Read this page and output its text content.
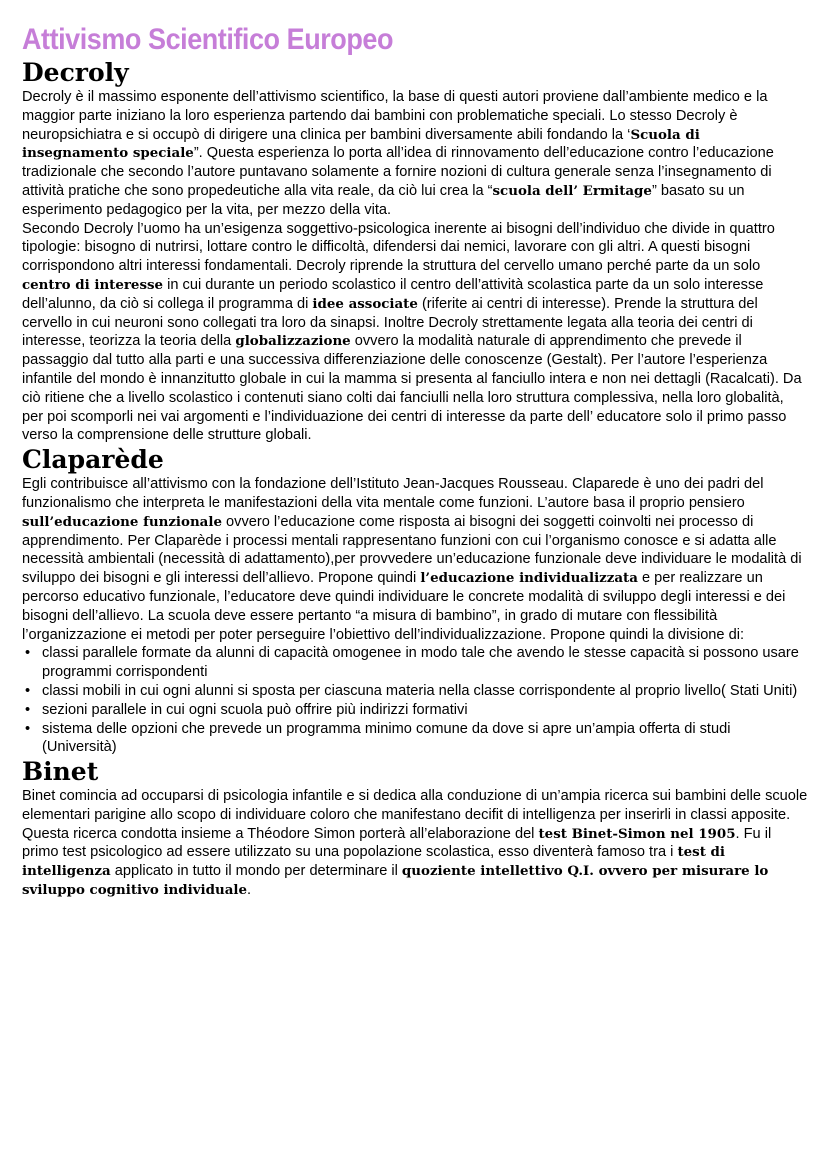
Attivismo Scientifico Europeo
Decroly

Decroly è il massimo esponente dell’attivismo scientifico, la base di questi autori proviene dall’ambiente medico e la maggior parte iniziano la loro esperienza partendo dai bambini con problematiche speciali. Lo stesso Decroly è neuropsichiatra e si occupò di dirigere una clinica per bambini diversamente abili fondando la ‘Scuola di insegnamento speciale”. Questa esperienza lo porta all’idea di rinnovamento dell’educazione contro l’educazione tradizionale che secondo l’autore puntavano solamente a fornire nozioni di cultura generale senza l’insegnamento di attività pratiche che sono propedeutiche alla vita reale, da ciò lui crea la “scuola dell’ Ermitage” basato su un esperimento pedagogico per la vita, per mezzo della vita.

Secondo Decroly l’uomo ha un’esigenza soggettivo-psicologica inerente ai bisogni dell’individuo che divide in quattro tipologie: bisogno di nutrirsi, lottare contro le difficoltà, difendersi dai nemici, lavorare con gli altri. A questi bisogni corrispondono altri interessi fondamentali. Decroly riprende la struttura del cervello umano perché parte da un solo centro di interesse in cui durante un periodo scolastico il centro dell’attività scolastica parte da un solo interesse dell’alunno, da ciò si collega il programma di idee associate (riferite ai centri di interesse). Prende la struttura del cervello in cui neuroni sono collegati tra loro da sinapsi. Inoltre Decroly strettamente legata alla teoria dei centri di interesse, teorizza la teoria della globalizzazione ovvero la modalità naturale di apprendimento che prevede il passaggio dal tutto alla parti e una successiva differenziazione delle conoscenze (Gestalt). Per l’autore l’esperienza infantile del mondo è innanzitutto globale in cui la mamma si presenta al fanciullo intera e non nei dettagli (Racalcati). Da ciò ritiene che a livello scolastico i contenuti siano colti dai fanciulli nella loro struttura complessiva, nella loro globalità, per poi scomporli nei vai argomenti e l’individuazione dei centri di interesse da parte dell’ educatore solo il primo passo verso la comprensione delle strutture globali.

Claparède

Egli contribuisce all’attivismo con la fondazione dell’Istituto Jean-Jacques Rousseau. Claparede è uno dei padri del funzionalismo che interpreta le manifestazioni della vita mentale come funzioni. L’autore basa il proprio pensiero sull’educazione funzionale ovvero l’educazione come risposta ai bisogni dei soggetti coinvolti nei processo di apprendimento. Per Claparède i processi mentali rappresentano funzioni con cui l’organismo conosce e si adatta alle necessità ambientali (necessità di adattamento),per provvedere un’educazione funzionale deve individuare le modalità di sviluppo dei bisogni e gli interessi dell’allievo. Propone quindi l’educazione individualizzata e per realizzare un percorso educativo funzionale, l’educatore deve quindi individuare le concrete modalità di sviluppo degli interessi e dei bisogni dell’allievo. La scuola deve essere pertanto “a misura di bambino”, in grado di mutare con flessibilità l’organizzazione ei metodi per poter perseguire l’obiettivo dell’individualizzazione. Propone quindi la divisione di:

• classi parallele formate da alunni di capacità omogenee in modo tale che avendo le stesse capacità si possono usare programmi corrispondenti
• classi mobili in cui ogni alunni si sposta per ciascuna materia nella classe corrispondente al proprio livello( Stati Uniti)
• sezioni parallele in cui ogni scuola può offrire più indirizzi formativi
• sistema delle opzioni che prevede un programma minimo comune da dove si apre un’ampia offerta di studi (Università)
Binet

Binet comincia ad occuparsi di psicologia infantile e si dedica alla conduzione di un’ampia ricerca sui bambini delle scuole elementari parigine allo scopo di individuare coloro che manifestano decifit di intelligenza per inserirli in classi apposite. Questa ricerca condotta insieme a Théodore Simon porterà all’elaborazione del test Binet-Simon nel 1905. Fu il primo test psicologico ad essere utilizzato su una popolazione scolastica, esso diventerà famoso tra i test di intelligenza applicato in tutto il mondo per determinare il quoziente intellettivo Q.I. ovvero per misurare lo sviluppo cognitivo individuale.
